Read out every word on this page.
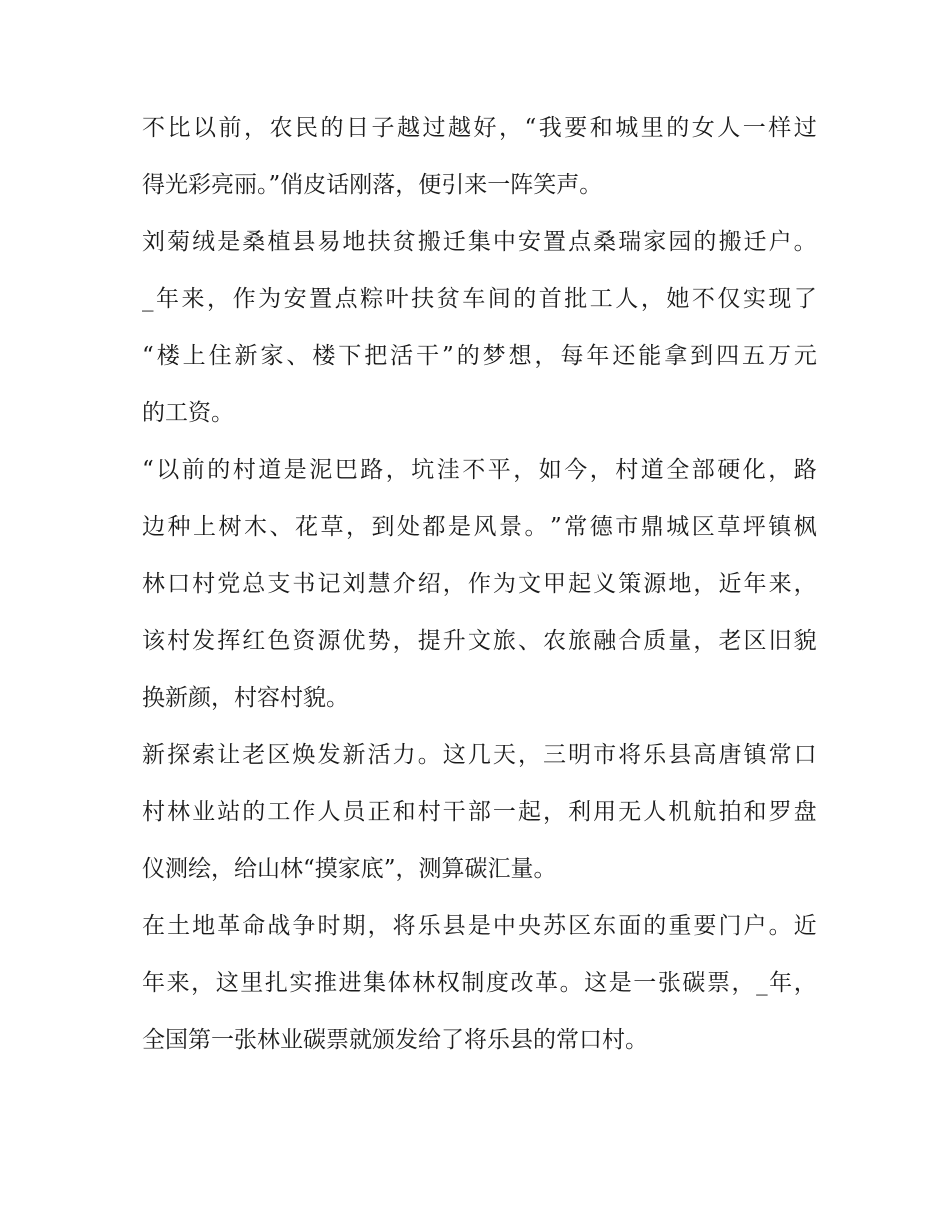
不 比 以 前 ， 农 民 的 日 子 越 过 越 好 ， “ 我 要 和 城 里 的 女 人 一 样 过
得光彩亮丽。”俏皮话刚落，便引来一阵笑声。
刘 菊 绒 是 桑 植 县 易 地 扶 贫 搬 迁 集 中 安 置 点 桑 瑞 家 园 的 搬 迁 户 。
_ 年 来 ， 作 为 安 置 点 粽 叶 扶 贫 车 间 的 首 批 工 人 ， 她 不 仅 实 现 了
“ 楼 上 住 新 家 、 楼 下 把 活 干 ” 的 梦 想 ， 每 年 还 能 拿 到 四 五 万 元
的工资。
“ 以 前 的 村 道 是 泥 巴 路 ， 坑 洼 不 平 ， 如 今 ， 村 道 全 部 硬 化 ， 路
边 种 上 树 木 、 花 草 ， 到 处 都 是 风 景 。 ” 常 德 市 鼎 城 区 草 坪 镇 枫
林 口 村 党 总 支 书 记 刘 慧 介 绍 ， 作 为 文 甲 起 义 策 源 地 ， 近 年 来 ，
该 村 发 挥 红 色 资 源 优 势 ， 提 升 文 旅 、 农 旅 融 合 质 量 ， 老 区 旧 貌
换新颜，村容村貌。
新 探 索 让 老 区 焕 发 新 活 力 。 这 几 天 ， 三 明 市 将 乐 县 高 唐 镇 常 口
村 林 业 站 的 工 作 人 员 正 和 村 干 部 一 起 ， 利 用 无 人 机 航 拍 和 罗 盘
仪测绘，给山林“摸家底”，测算碳汇量。
在 土 地 革 命 战 争 时 期 ， 将 乐 县 是 中 央 苏 区 东 面 的 重 要 门 户 。 近
年 来 ， 这 里 扎 实 推 进 集 体 林 权 制 度 改 革 。 这 是 一 张 碳 票 ， _ 年 ，
全国第一张林业碳票就颁发给了将乐县的常口村。
